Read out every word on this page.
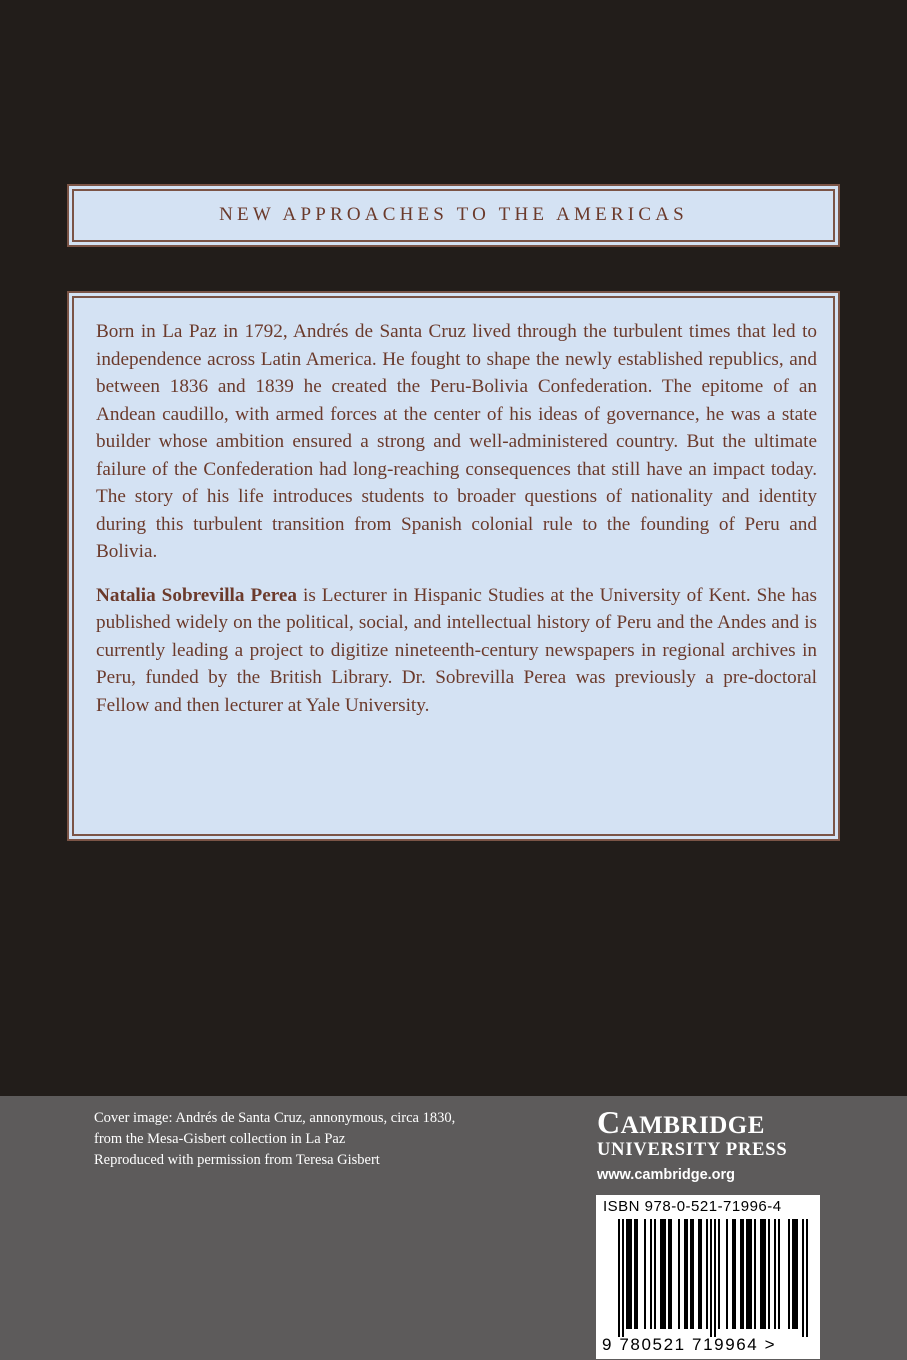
NEW APPROACHES TO THE AMERICAS

Born in La Paz in 1792, Andrés de Santa Cruz lived through the turbulent times that led to independence across Latin America. He fought to shape the newly established republics, and between 1836 and 1839 he created the Peru-Bolivia Confederation. The epitome of an Andean caudillo, with armed forces at the center of his ideas of governance, he was a state builder whose ambition ensured a strong and well-administered country. But the ultimate failure of the Confederation had long-reaching consequences that still have an impact today. The story of his life introduces students to broader questions of nationality and identity during this turbulent transition from Spanish colonial rule to the founding of Peru and Bolivia.

Natalia Sobrevilla Perea is Lecturer in Hispanic Studies at the University of Kent. She has published widely on the political, social, and intellectual history of Peru and the Andes and is currently leading a project to digitize nineteenth-century newspapers in regional archives in Peru, funded by the British Library. Dr. Sobrevilla Perea was previously a pre-doctoral Fellow and then lecturer at Yale University.

Cover image: Andrés de Santa Cruz, annonymous, circa 1830,
from the Mesa-Gisbert collection in La Paz
Reproduced with permission from Teresa Gisbert
CAMBRIDGE
UNIVERSITY PRESS
www.cambridge.org
ISBN 978-0-521-71996-4
9 780521 719964 >
